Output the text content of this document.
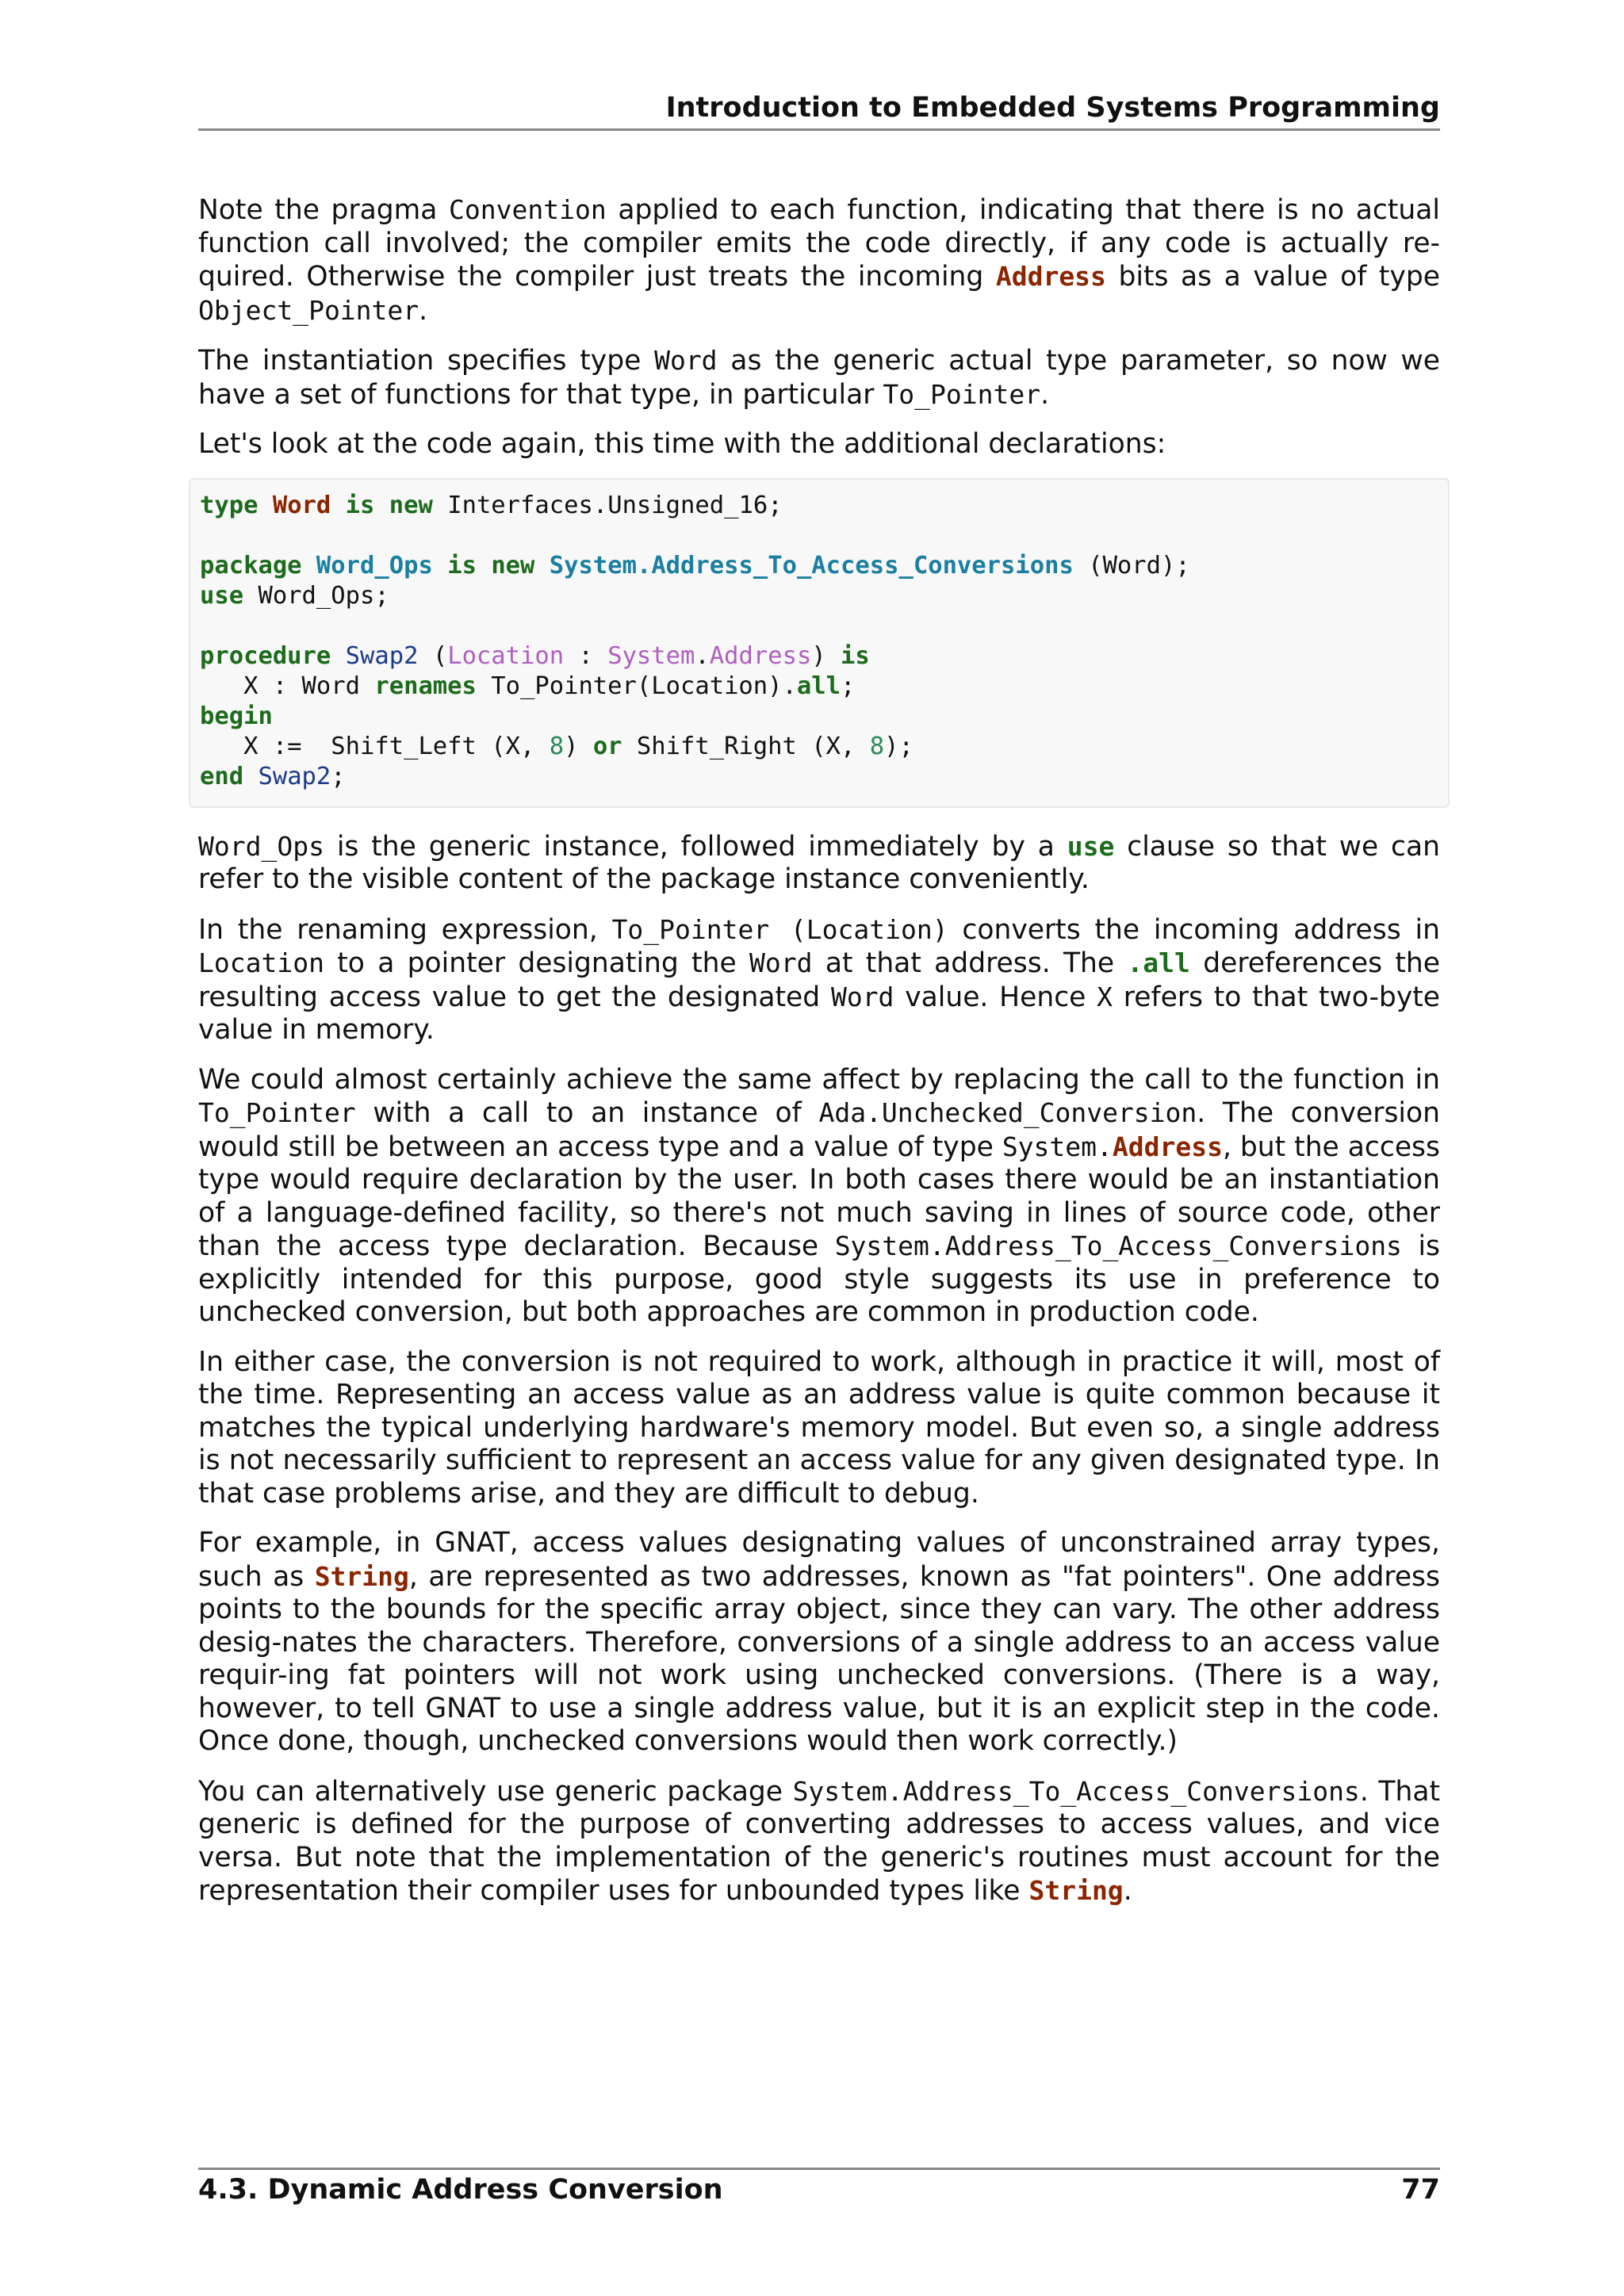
Introduction to Embedded Systems Programming

Note the pragma Convention applied to each function, indicating that there is no actual function call involved; the compiler emits the code directly, if any code is actually re-quired. Otherwise the compiler just treats the incoming Address bits as a value of type Object_Pointer.

The instantiation specifies type Word as the generic actual type parameter, so now we have a set of functions for that type, in particular To_Pointer.

Let's look at the code again, this time with the additional declarations:

type Word is new Interfaces.Unsigned_16;

package Word_Ops is new System.Address_To_Access_Conversions (Word);
use Word_Ops;

procedure Swap2 (Location : System.Address) is
X : Word renames To_Pointer(Location).all;
begin
X :=  Shift_Left (X, 8) or Shift_Right (X, 8);
end Swap2;

Word_Ops is the generic instance, followed immediately by a use clause so that we can refer to the visible content of the package instance conveniently.

In the renaming expression, To_Pointer (Location) converts the incoming address in Location to a pointer designating the Word at that address. The .all dereferences the resulting access value to get the designated Word value. Hence X refers to that two-byte value in memory.

We could almost certainly achieve the same affect by replacing the call to the function in To_Pointer with a call to an instance of Ada.Unchecked_Conversion. The conversion would still be between an access type and a value of type System.Address, but the access type would require declaration by the user. In both cases there would be an instantiation of a language-defined facility, so there's not much saving in lines of source code, other than the access type declaration. Because System.Address_To_Access_Conversions is explicitly intended for this purpose, good style suggests its use in preference to unchecked conversion, but both approaches are common in production code.

In either case, the conversion is not required to work, although in practice it will, most of the time. Representing an access value as an address value is quite common because it matches the typical underlying hardware's memory model. But even so, a single address is not necessarily sufficient to represent an access value for any given designated type. In that case problems arise, and they are difficult to debug.

For example, in GNAT, access values designating values of unconstrained array types, such as String, are represented as two addresses, known as "fat pointers". One address points to the bounds for the specific array object, since they can vary. The other address desig-nates the characters. Therefore, conversions of a single address to an access value requir-ing fat pointers will not work using unchecked conversions. (There is a way, however, to tell GNAT to use a single address value, but it is an explicit step in the code. Once done, though, unchecked conversions would then work correctly.)

You can alternatively use generic package System.Address_To_Access_Conversions. That generic is defined for the purpose of converting addresses to access values, and vice versa. But note that the implementation of the generic's routines must account for the representation their compiler uses for unbounded types like String.

4.3. Dynamic Address Conversion	77
